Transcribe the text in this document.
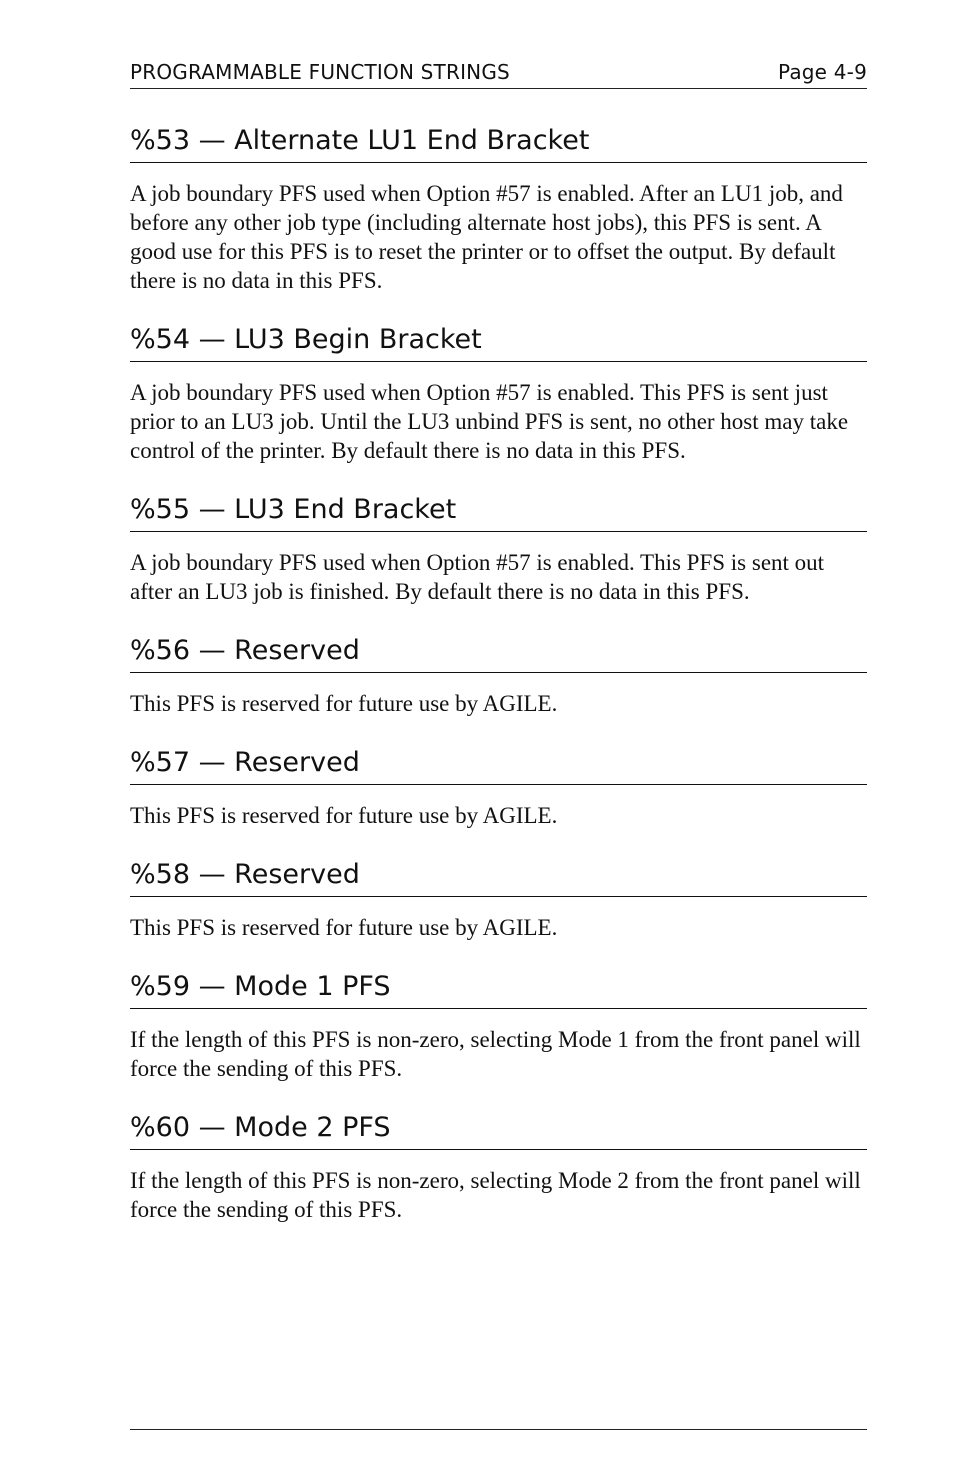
PROGRAMMABLE FUNCTION STRINGS	Page 4-9
%53 — Alternate LU1 End Bracket

A job boundary PFS used when Option #57 is enabled. After an LU1 job, and before any other job type (including alternate host jobs), this PFS is sent. A good use for this PFS is to reset the printer or to offset the output. By default there is no data in this PFS.

%54 — LU3 Begin Bracket

A job boundary PFS used when Option #57 is enabled. This PFS is sent just prior to an LU3 job. Until the LU3 unbind PFS is sent, no other host may take control of the printer. By default there is no data in this PFS.

%55 — LU3 End Bracket

A job boundary PFS used when Option #57 is enabled. This PFS is sent out after an LU3 job is finished. By default there is no data in this PFS.

%56 — Reserved

This PFS is reserved for future use by AGILE.

%57 — Reserved

This PFS is reserved for future use by AGILE.

%58 — Reserved

This PFS is reserved for future use by AGILE.

%59 — Mode 1 PFS

If the length of this PFS is non-zero, selecting Mode 1 from the front panel will force the sending of this PFS.

%60 — Mode 2 PFS

If the length of this PFS is non-zero, selecting Mode 2 from the front panel will force the sending of this PFS.
